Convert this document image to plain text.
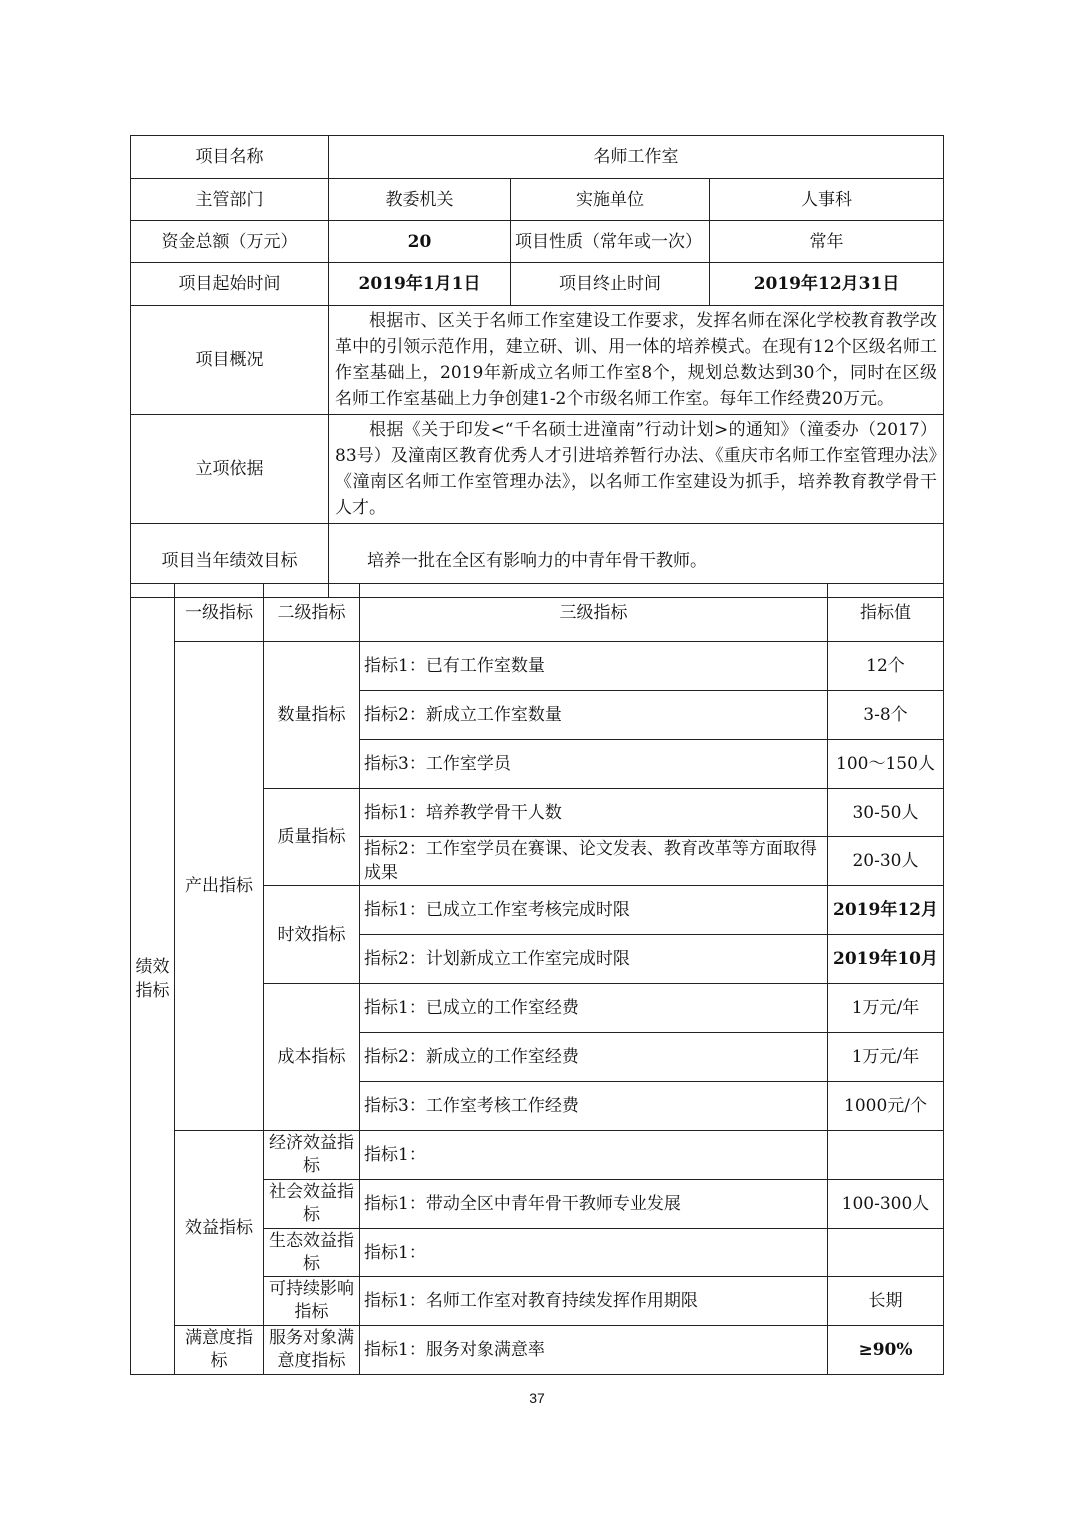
项目名称	名师工作室		
主管部门	教委机关	实施单位	人事科
资金总额（万元）	20	项目性质（常年或一次）	常年
项目起始时间	2019年1月1日	项目终止时间	2019年12月31日
项目概况	根据市、区关于名师工作室建设工作要求，发挥名师在深化学校教育教学改革中的引领示范作用，建立研、训、用一体的培养模式。在现有12个区级名师工作室基础上，2019年新成立名师工作室8个，规划总数达到30个，同时在区级名师工作室基础上力争创建1-2个市级名师工作室。每年工作经费20万元。		
立项依据	根据《关于印发<“千名硕士进潼南”行动计划>的通知》（潼委办（2017）83号）及潼南区教育优秀人才引进培养暂行办法、《重庆市名师工作室管理办法》《潼南区名师工作室管理办法》，以名师工作室建设为抓手，培养教育教学骨干人才。		
项目当年绩效目标	培养一批在全区有影响力的中青年骨干教师。		
绩效指标	一级指标	二级指标	三级指标	指标值
	产出指标	数量指标	指标1：已有工作室数量	12个
			指标2：新成立工作室数量	3-8个
			指标3：工作室学员	100～150人
		质量指标	指标1：培养教学骨干人数	30-50人
			指标2：工作室学员在赛课、论文发表、教育改革等方面取得成果	20-30人
		时效指标	指标1：已成立工作室考核完成时限	2019年12月
			指标2：计划新成立工作室完成时限	2019年10月
		成本指标	指标1：已成立的工作室经费	1万元/年
			指标2：新成立的工作室经费	1万元/年
			指标3：工作室考核工作经费	1000元/个
	效益指标	经济效益指标	指标1：	
		社会效益指标	指标1：带动全区中青年骨干教师专业发展	100-300人
		生态效益指标	指标1：	
		可持续影响指标	指标1：名师工作室对教育持续发挥作用期限	长期
	满意度指标	服务对象满意度指标	指标1：服务对象满意率	≥90%
37
